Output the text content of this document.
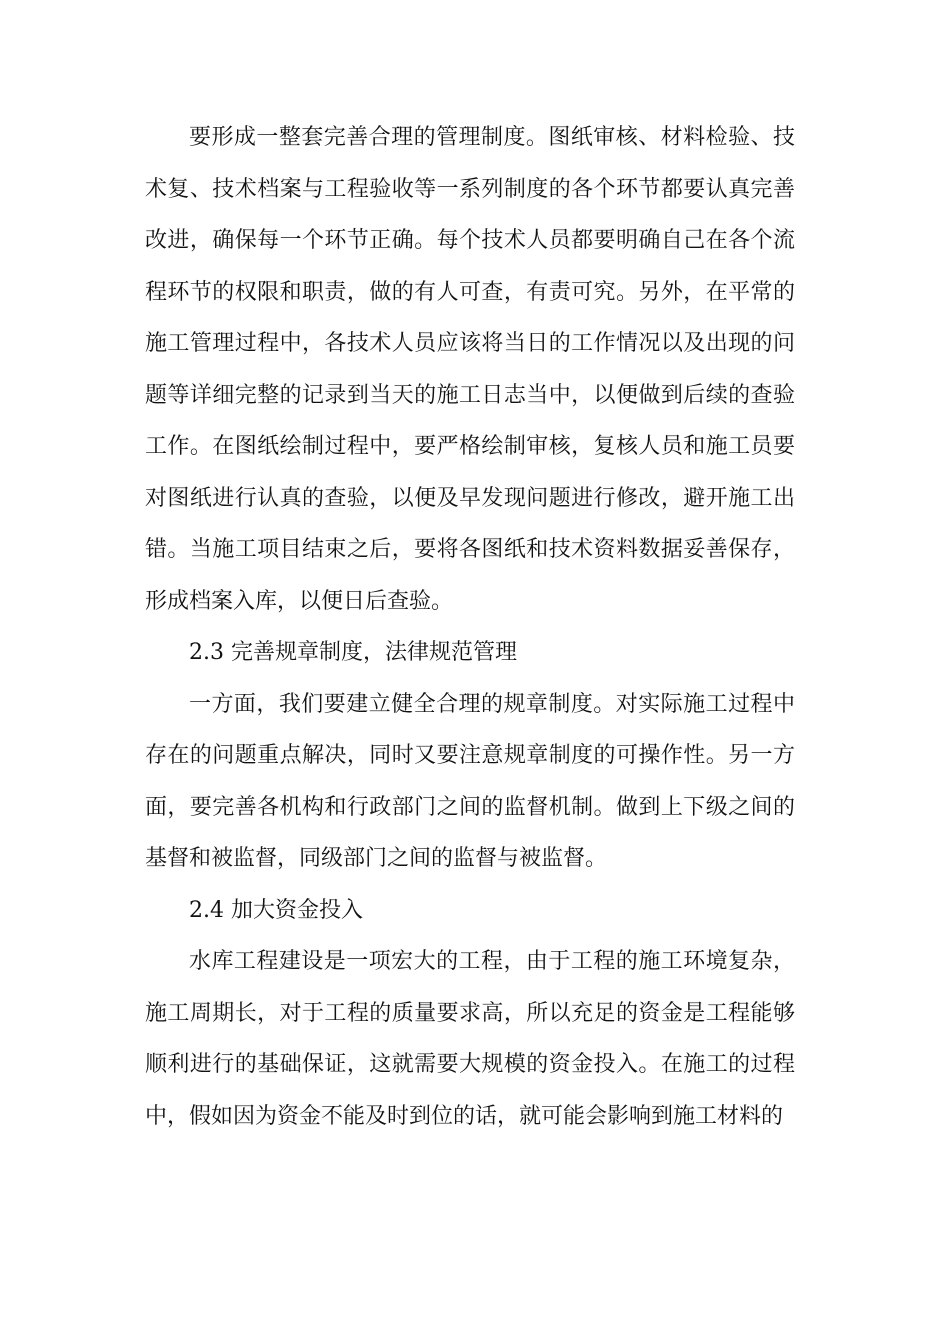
要形成一整套完善合理的管理制度。图纸审核、材料检验、技术复、技术档案与工程验收等一系列制度的各个环节都要认真完善改进，确保每一个环节正确。每个技术人员都要明确自己在各个流程环节的权限和职责，做的有人可查，有责可究。另外，在平常的施工管理过程中，各技术人员应该将当日的工作情况以及出现的问题等详细完整的记录到当天的施工日志当中，以便做到后续的查验工作。在图纸绘制过程中，要严格绘制审核，复核人员和施工员要对图纸进行认真的查验，以便及早发现问题进行修改，避开施工出错。当施工项目结束之后，要将各图纸和技术资料数据妥善保存，形成档案入库，以便日后查验。

2.3 完善规章制度，法律规范管理

一方面，我们要建立健全合理的规章制度。对实际施工过程中存在的问题重点解决，同时又要注意规章制度的可操作性。另一方面，要完善各机构和行政部门之间的监督机制。做到上下级之间的基督和被监督，同级部门之间的监督与被监督。

2.4 加大资金投入

水库工程建设是一项宏大的工程，由于工程的施工环境复杂，施工周期长，对于工程的质量要求高，所以充足的资金是工程能够顺利进行的基础保证，这就需要大规模的资金投入。在施工的过程中，假如因为资金不能及时到位的话，就可能会影响到施工材料的
